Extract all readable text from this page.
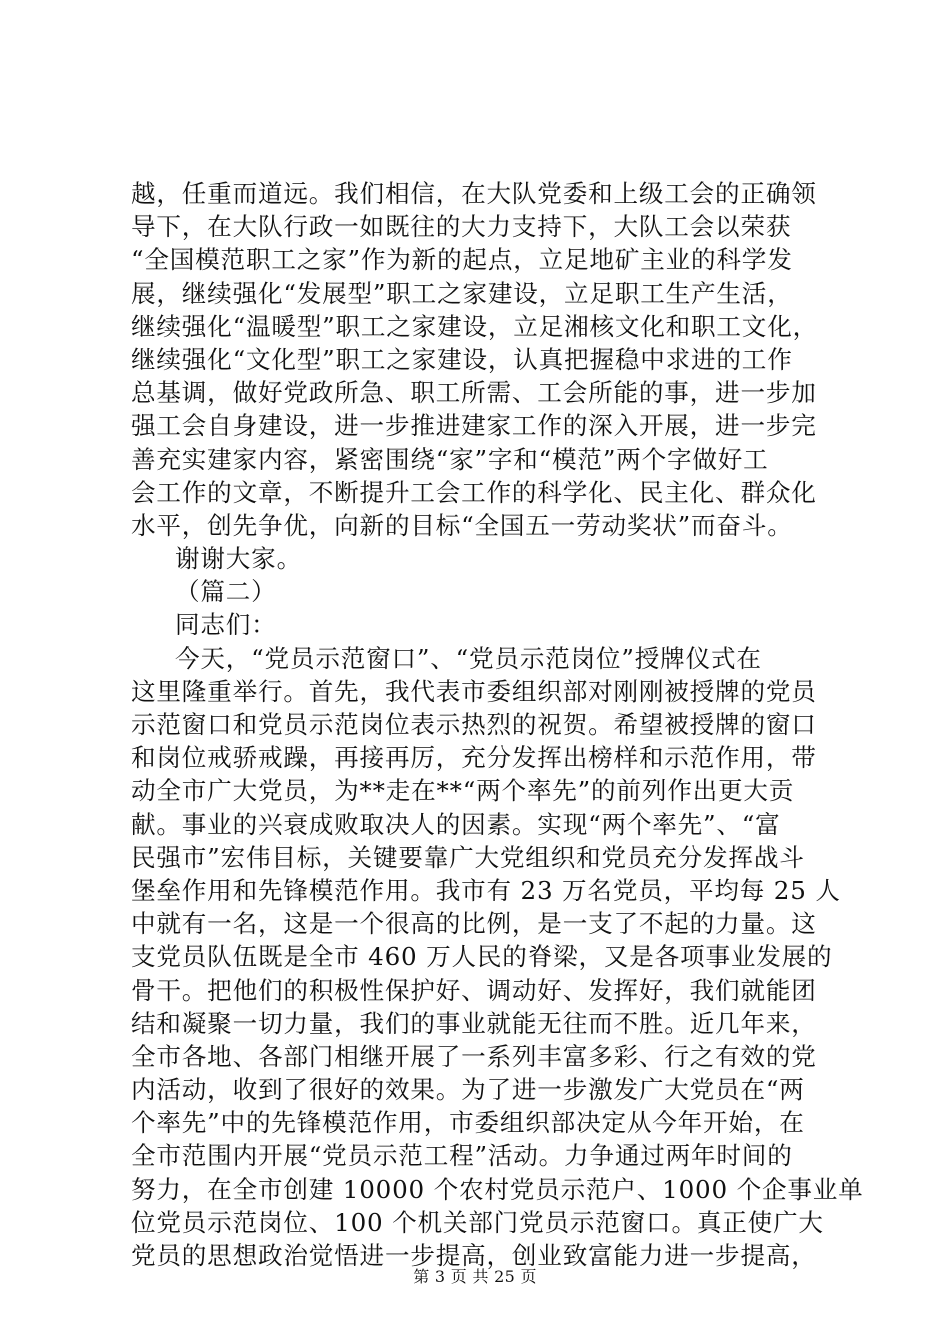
越，任重而道远。我们相信，在大队党委和上级工会的正确领
导下，在大队行政一如既往的大力支持下，大队工会以荣获
“全国模范职工之家”作为新的起点，立足地矿主业的科学发
展，继续强化“发展型”职工之家建设，立足职工生产生活，
继续强化“温暖型”职工之家建设，立足湘核文化和职工文化，
继续强化“文化型”职工之家建设，认真把握稳中求进的工作
总基调，做好党政所急、职工所需、工会所能的事，进一步加
强工会自身建设，进一步推进建家工作的深入开展，进一步完
善充实建家内容，紧密围绕“家”字和“模范”两个字做好工
会工作的文章，不断提升工会工作的科学化、民主化、群众化
水平，创先争优，向新的目标“全国五一劳动奖状”而奋斗。
谢谢大家。
（篇二）
同志们：
今天，“党员示范窗口”、“党员示范岗位”授牌仪式在
这里隆重举行。首先，我代表市委组织部对刚刚被授牌的党员
示范窗口和党员示范岗位表示热烈的祝贺。希望被授牌的窗口
和岗位戒骄戒躁，再接再厉，充分发挥出榜样和示范作用，带
动全市广大党员，为**走在**“两个率先”的前列作出更大贡
献。事业的兴衰成败取决人的因素。实现“两个率先”、“富
民强市”宏伟目标，关键要靠广大党组织和党员充分发挥战斗
堡垒作用和先锋模范作用。我市有 23 万名党员，平均每 25 人
中就有一名，这是一个很高的比例，是一支了不起的力量。这
支党员队伍既是全市 460 万人民的脊梁，又是各项事业发展的
骨干。把他们的积极性保护好、调动好、发挥好，我们就能团
结和凝聚一切力量，我们的事业就能无往而不胜。近几年来，
全市各地、各部门相继开展了一系列丰富多彩、行之有效的党
内活动，收到了很好的效果。为了进一步激发广大党员在“两
个率先”中的先锋模范作用，市委组织部决定从今年开始，在
全市范围内开展“党员示范工程”活动。力争通过两年时间的
努力，在全市创建 10000 个农村党员示范户、1000 个企事业单
位党员示范岗位、100 个机关部门党员示范窗口。真正使广大
党员的思想政治觉悟进一步提高，创业致富能力进一步提高，
第 3 页 共 25 页
